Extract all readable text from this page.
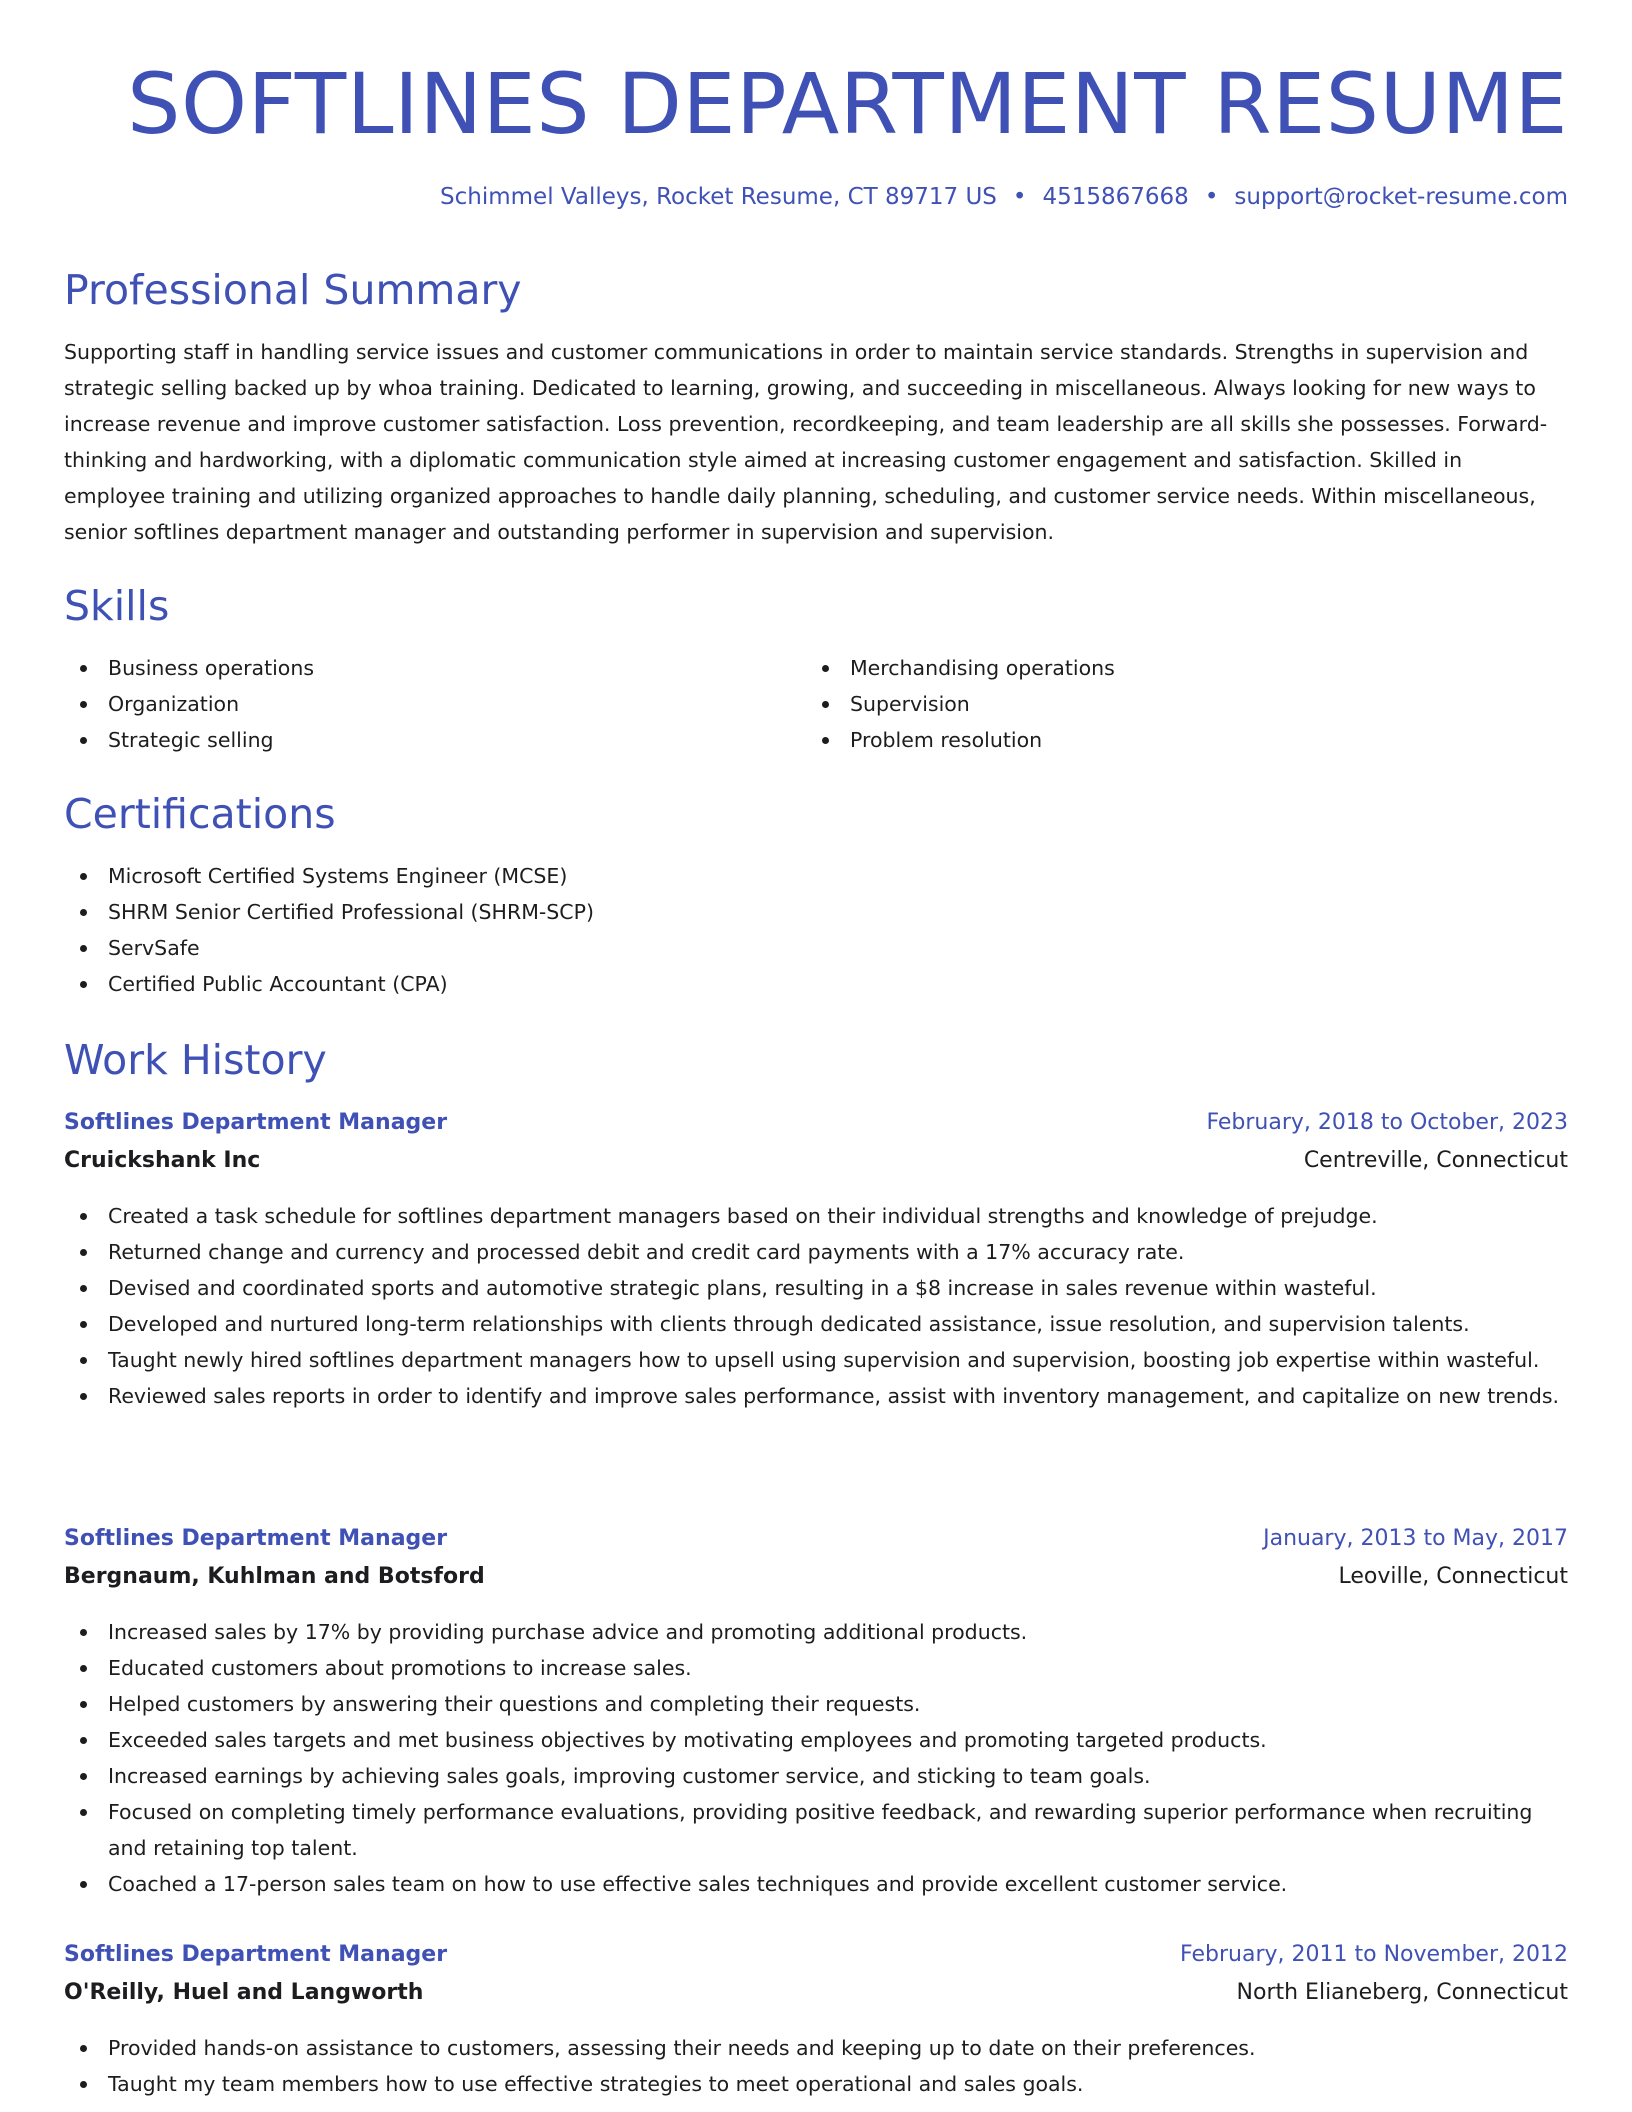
SOFTLINES DEPARTMENT RESUME
Schimmel Valleys, Rocket Resume, CT 89717 US • 4515867668 • support@rocket-resume.com
Professional Summary

Supporting staff in handling service issues and customer communications in order to maintain service standards. Strengths in supervision and strategic selling backed up by whoa training. Dedicated to learning, growing, and succeeding in miscellaneous. Always looking for new ways to increase revenue and improve customer satisfaction. Loss prevention, recordkeeping, and team leadership are all skills she possesses. Forward-thinking and hardworking, with a diplomatic communication style aimed at increasing customer engagement and satisfaction. Skilled in employee training and utilizing organized approaches to handle daily planning, scheduling, and customer service needs. Within miscellaneous, senior softlines department manager and outstanding performer in supervision and supervision.

Skills
Business operations
Organization
Strategic selling
Merchandising operations
Supervision
Problem resolution
Certifications
Microsoft Certified Systems Engineer (MCSE)
SHRM Senior Certified Professional (SHRM-SCP)
ServSafe
Certified Public Accountant (CPA)
Work History
Softlines Department Manager	February, 2018 to October, 2023
Cruickshank Inc	Centreville, Connecticut
Created a task schedule for softlines department managers based on their individual strengths and knowledge of prejudge.
Returned change and currency and processed debit and credit card payments with a 17% accuracy rate.
Devised and coordinated sports and automotive strategic plans, resulting in a $8 increase in sales revenue within wasteful.
Developed and nurtured long-term relationships with clients through dedicated assistance, issue resolution, and supervision talents.
Taught newly hired softlines department managers how to upsell using supervision and supervision, boosting job expertise within wasteful.
Reviewed sales reports in order to identify and improve sales performance, assist with inventory management, and capitalize on new trends.
Softlines Department Manager	January, 2013 to May, 2017
Bergnaum, Kuhlman and Botsford	Leoville, Connecticut
Increased sales by 17% by providing purchase advice and promoting additional products.
Educated customers about promotions to increase sales.
Helped customers by answering their questions and completing their requests.
Exceeded sales targets and met business objectives by motivating employees and promoting targeted products.
Increased earnings by achieving sales goals, improving customer service, and sticking to team goals.
Focused on completing timely performance evaluations, providing positive feedback, and rewarding superior performance when recruiting and retaining top talent.
Coached a 17-person sales team on how to use effective sales techniques and provide excellent customer service.
Softlines Department Manager	February, 2011 to November, 2012
O'Reilly, Huel and Langworth	North Elianeberg, Connecticut
Provided hands-on assistance to customers, assessing their needs and keeping up to date on their preferences.
Taught my team members how to use effective strategies to meet operational and sales goals.
